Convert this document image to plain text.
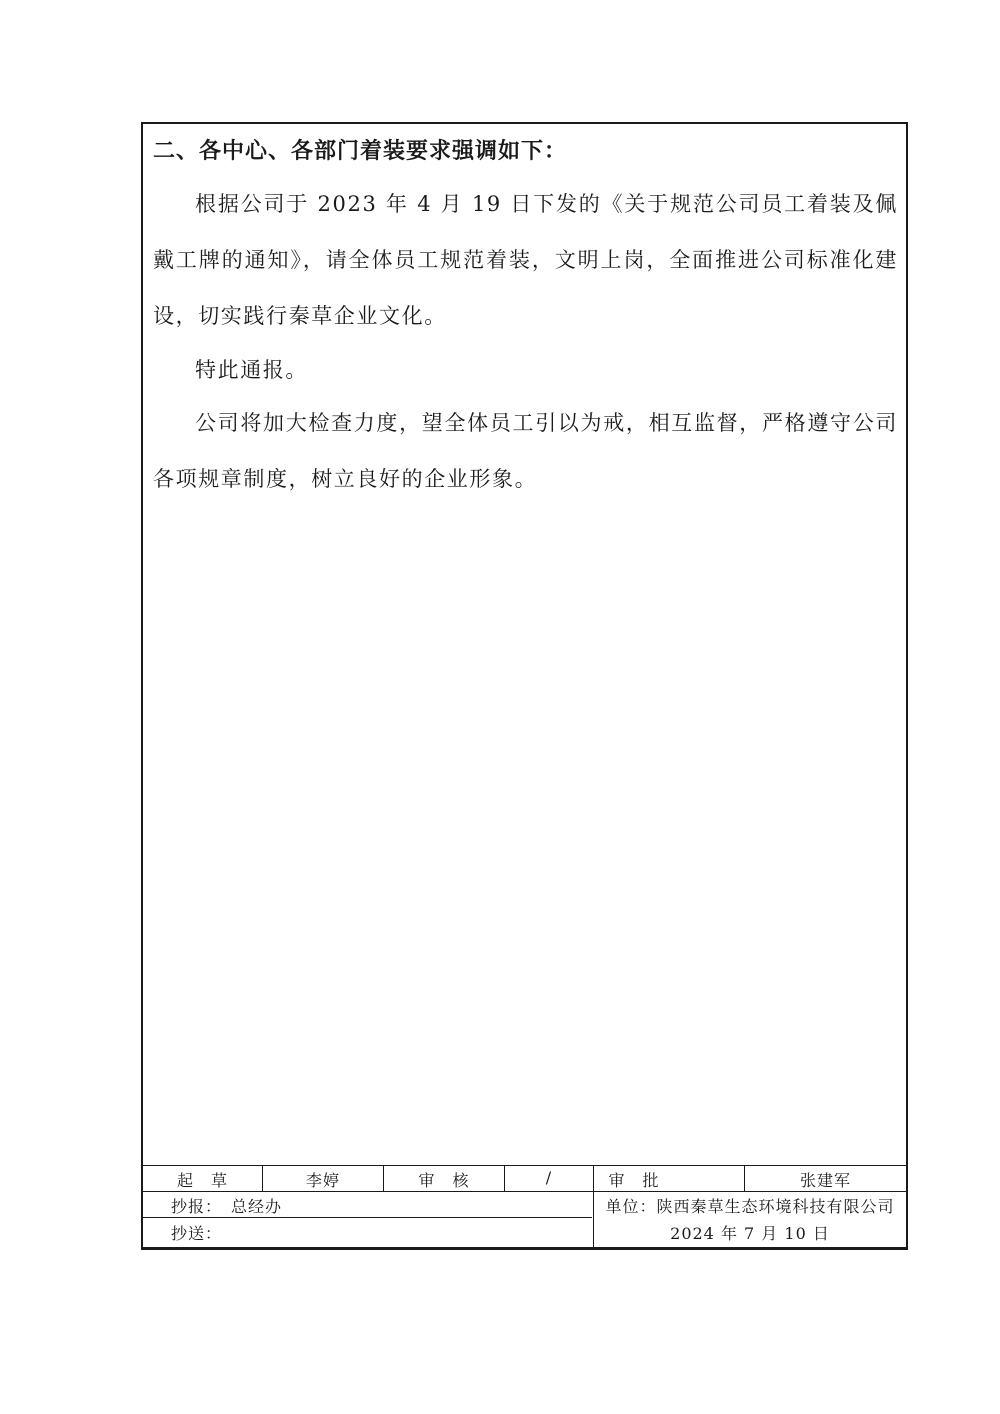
二、各中心、各部门着装要求强调如下：

根据公司于 2023 年 4 月 19 日下发的《关于规范公司员工着装及佩戴工牌的通知》，请全体员工规范着装，文明上岗，全面推进公司标准化建设，切实践行秦草企业文化。

特此通报。

公司将加大检查力度，望全体员工引以为戒，相互监督，严格遵守公司各项规章制度，树立良好的企业形象。

起　草	李婷	审　核	/	审　批	张建军
抄报：　总经办
抄送：
单位：陕西秦草生态环境科技有限公司
2024 年 7 月 10 日
